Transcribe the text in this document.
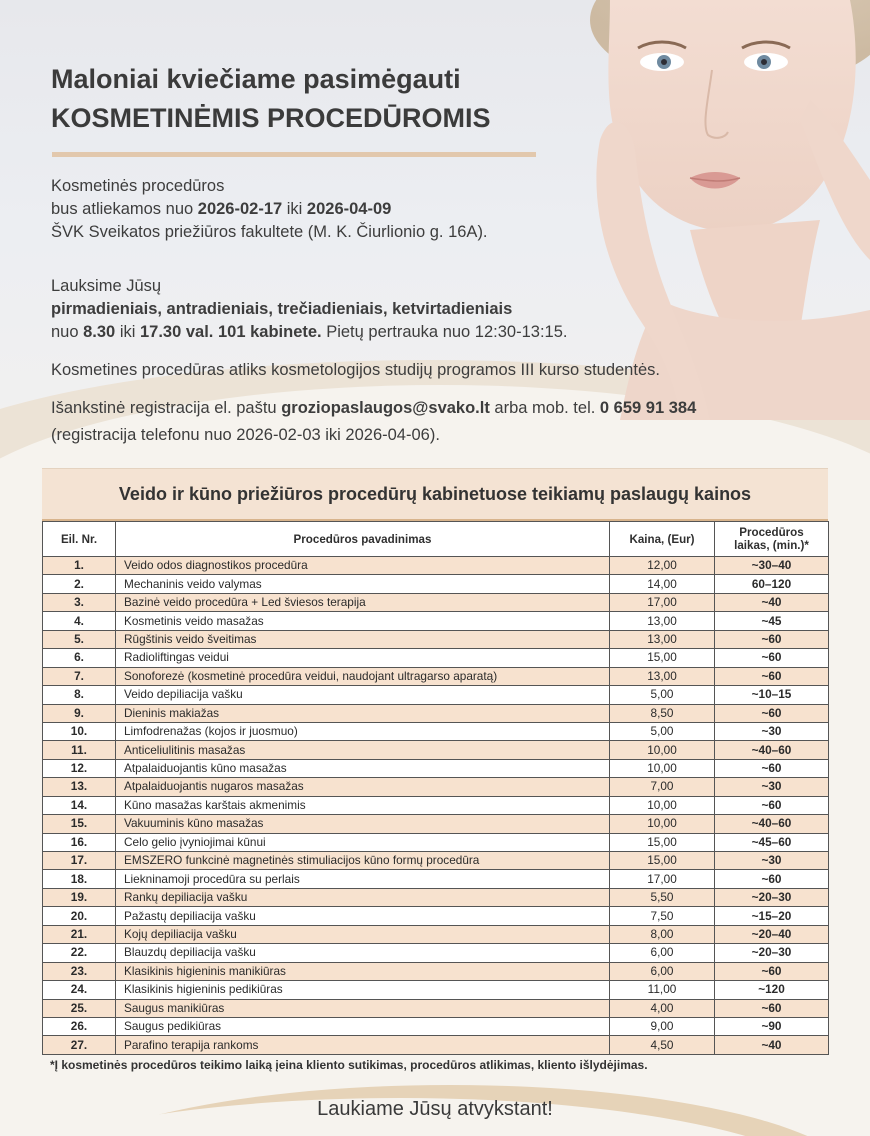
Maloniai kviečiame pasimėgauti
KOSMETINĖMIS PROCEDŪROMIS
Kosmetinės procedūros
bus atliekamos nuo 2026-02-17 iki 2026-04-09
ŠVK Sveikatos priežiūros fakultete (M. K. Čiurlionio g. 16A).
Lauksime Jūsų
pirmadieniais, antradieniais, trečiadieniais, ketvirtadieniais
nuo 8.30 iki 17.30 val. 101 kabinete. Pietų pertrauka nuo 12:30-13:15.
Kosmetines procedūras atliks kosmetologijos studijų programos III kurso studentės.
Išankstinė registracija el. paštu groziopaslaugos@svako.lt arba mob. tel. 0 659 91 384
(registracija telefonu nuo 2026-02-03 iki 2026-04-06).
Veido ir kūno priežiūros procedūrų kabinetuose teikiamų paslaugų kainos
Eil. Nr.	Procedūros pavadinimas	Kaina, (Eur)	Procedūros
laikas, (min.)*
1.	Veido odos diagnostikos procedūra	12,00	~30–40
2.	Mechaninis veido valymas	14,00	60–120
3.	Bazinė veido procedūra + Led šviesos terapija	17,00	~40
4.	Kosmetinis veido masažas	13,00	~45
5.	Rūgštinis veido šveitimas	13,00	~60
6.	Radioliftingas veidui	15,00	~60
7.	Sonoforezė (kosmetinė procedūra veidui, naudojant ultragarso aparatą)	13,00	~60
8.	Veido depiliacija vašku	5,00	~10–15
9.	Dieninis makiažas	8,50	~60
10.	Limfodrenažas (kojos ir juosmuo)	5,00	~30
11.	Anticeliulitinis masažas	10,00	~40–60
12.	Atpalaiduojantis kūno masažas	10,00	~60
13.	Atpalaiduojantis nugaros masažas	7,00	~30
14.	Kūno masažas karštais akmenimis	10,00	~60
15.	Vakuuminis kūno masažas	10,00	~40–60
16.	Celo gelio įvyniojimai kūnui	15,00	~45–60
17.	EMSZERO funkcinė magnetinės stimuliacijos kūno formų procedūra	15,00	~30
18.	Liekninamoji procedūra su perlais	17,00	~60
19.	Rankų depiliacija vašku	5,50	~20–30
20.	Pažastų depiliacija vašku	7,50	~15–20
21.	Kojų depiliacija vašku	8,00	~20–40
22.	Blauzdų depiliacija vašku	6,00	~20–30
23.	Klasikinis higieninis manikiūras	6,00	~60
24.	Klasikinis higieninis pedikiūras	11,00	~120
25.	Saugus manikiūras	4,00	~60
26.	Saugus pedikiūras	9,00	~90
27.	Parafino terapija rankoms	4,50	~40
*Į kosmetinės procedūros teikimo laiką įeina kliento sutikimas, procedūros atlikimas, kliento išlydėjimas.
Laukiame Jūsų atvykstant!
